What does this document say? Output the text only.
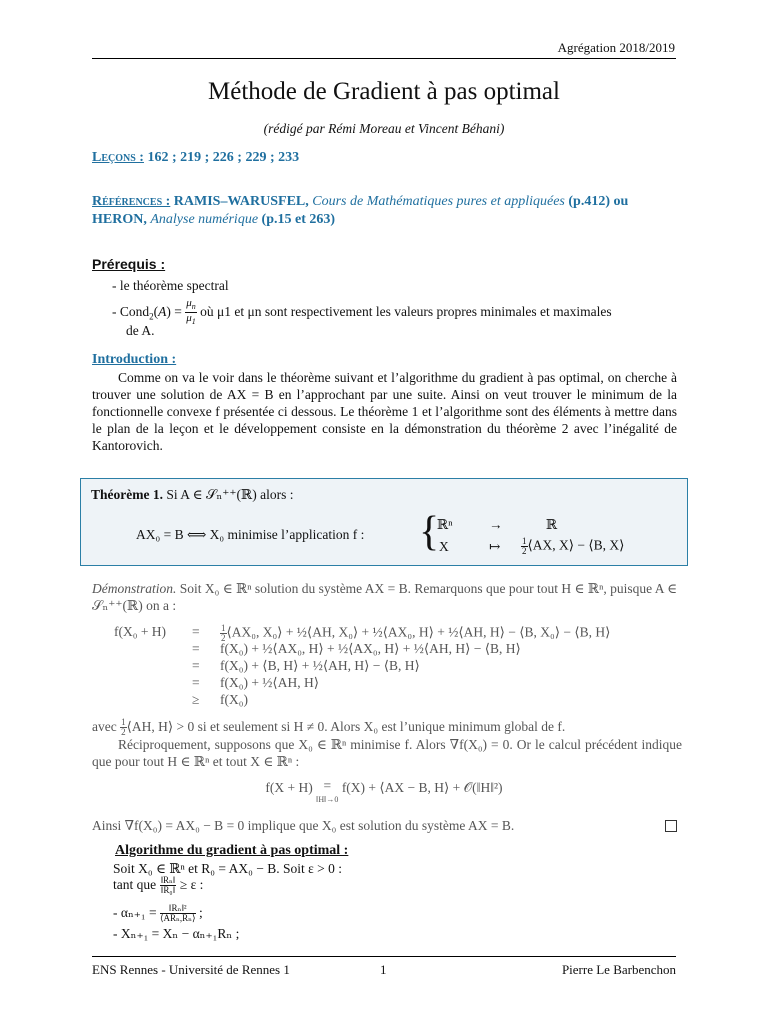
Agrégation 2018/2019
Méthode de Gradient à pas optimal
(rédigé par Rémi Moreau et Vincent Béhani)
Leçons : 162 ; 219 ; 226 ; 229 ; 233
Références : RAMIS–WARUSFEL, Cours de Mathématiques pures et appliquées (p.412) ou HERON, Analyse numérique (p.15 et 263)
Prérequis :
- le théorème spectral
- Cond$_2$(A) = $\frac{\mu_n}{\mu_1}$ où μ1 et μn sont respectivement les valeurs propres minimales et maximales
de A.
Introduction :
Comme on va le voir dans le théorème suivant et l’algorithme du gradient à pas optimal, on cherche à trouver une solution de AX = B en l’approchant par une suite. Ainsi on veut trouver le minimum de la fonctionnelle convexe f présentée ci dessous. Le théorème 1 et l’algorithme sont des éléments à mettre dans le plan de la leçon et le développement consiste en la démonstration du théorème 2 avec l’inégalité de Kantorovich.
Théorème 1. Si A ∈ 𝒮ₙ⁺⁺(ℝ) alors :
AX₀ = B ⟺ X₀ minimise l’application f : {
ℝⁿ	→	ℝ
X	↦ $\frac{1}{2}$ ⟨AX, X⟩ − ⟨B, X⟩
Démonstration. Soit X₀ ∈ ℝⁿ solution du système AX = B. Remarquons que pour tout H ∈ ℝⁿ, puisque A ∈ 𝒮ₙ⁺⁺(ℝ) on a :
f(X₀ + H)	=	$\frac{1}{2}$ ⟨AX₀, X₀⟩ + ½⟨AH, X₀⟩ + ½⟨AX₀, H⟩ + ½⟨AH, H⟩ − ⟨B, X₀⟩ − ⟨B, H⟩
=	f(X₀) + ½⟨AX₀, H⟩ + ½⟨AX₀, H⟩ + ½⟨AH, H⟩ − ⟨B, H⟩
=	f(X₀) + ⟨B, H⟩ + ½⟨AH, H⟩ − ⟨B, H⟩
=	f(X₀) + ½⟨AH, H⟩
≥	f(X₀)
avec $\frac{1}{2}$ ⟨AH, H⟩ > 0 si et seulement si H ≠ 0. Alors X₀ est l’unique minimum global de f.
Réciproquement, supposons que X₀ ∈ ℝⁿ minimise f. Alors ∇f(X₀) = 0. Or le calcul précédent indique que pour tout H ∈ ℝⁿ et tout X ∈ ℝⁿ :
f(X + H) =
‖H‖→0 f(X) + ⟨AX − B, H⟩ + 𝒪(‖H‖²)
Ainsi ∇f(X₀) = AX₀ − B = 0 implique que X₀ est solution du système AX = B.
Algorithme du gradient à pas optimal :
Soit X₀ ∈ ℝⁿ et R₀ = AX₀ − B. Soit ε > 0 :
tant que $\frac{\text{‖Rₙ‖}}{\text{‖R₀‖}} \ge \varepsilon$ :
- $\alpha_{n+1} = \frac{\text{‖Rₙ‖²}}{\text{⟨ARₙ,Rₙ⟩}}$ ;
- Xₙ₊₁ = Xₙ − αₙ₊₁Rₙ ;
ENS Rennes - Université de Rennes 1	1	Pierre Le Barbenchon
